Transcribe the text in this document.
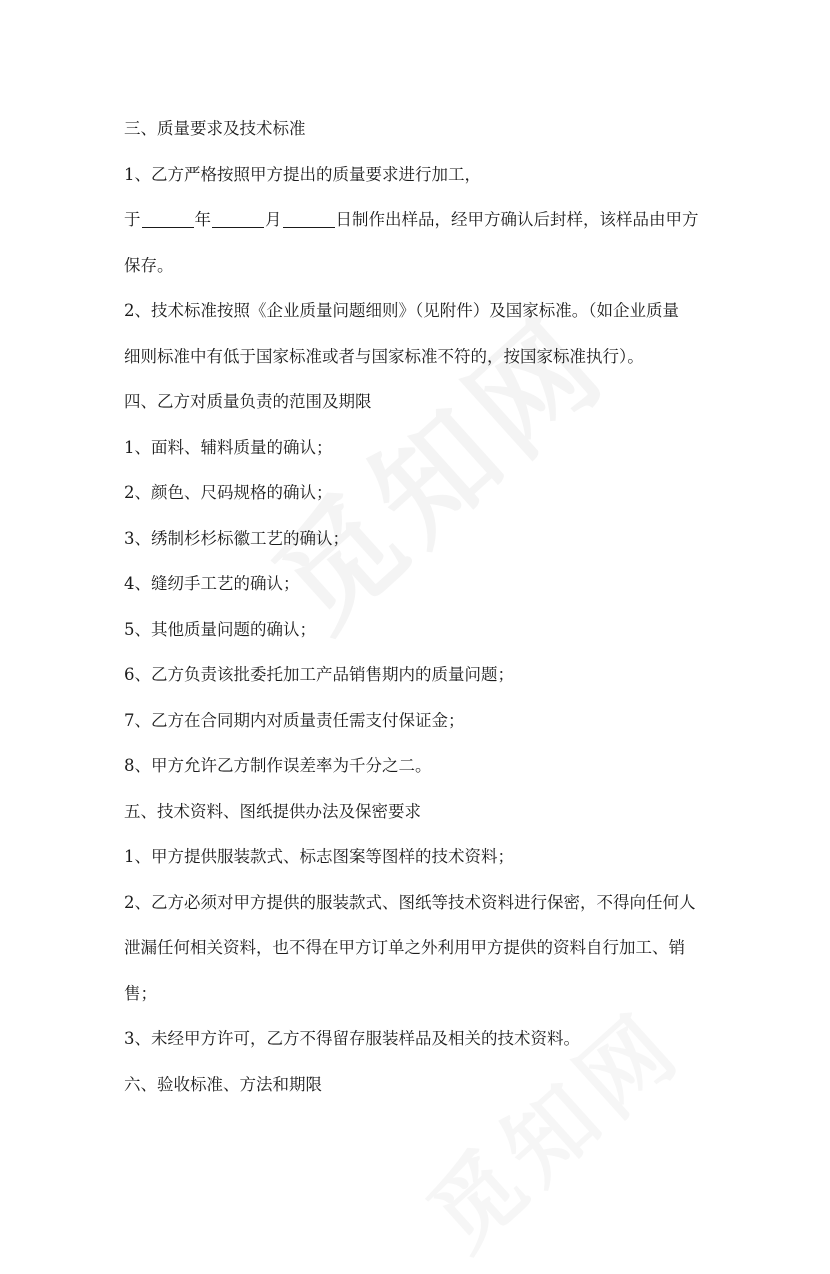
三、质量要求及技术标准
1、乙方严格按照甲方提出的质量要求进行加工，
于	年	月	日制作出样品，经甲方确认后封样，该样品由甲方
保存。
2、技术标准按照《企业质量问题细则》（见附件）及国家标准。（如企业质量
细则标准中有低于国家标准或者与国家标准不符的，按国家标准执行）。
四、乙方对质量负责的范围及期限
1、面料、辅料质量的确认；
2、颜色、尺码规格的确认；
3、绣制杉杉标徽工艺的确认；
4、缝纫手工艺的确认；
5、其他质量问题的确认；
6、乙方负责该批委托加工产品销售期内的质量问题；
7、乙方在合同期内对质量责任需支付保证金；
8、甲方允许乙方制作误差率为千分之二。
五、技术资料、图纸提供办法及保密要求
1、甲方提供服装款式、标志图案等图样的技术资料；
2、乙方必须对甲方提供的服装款式、图纸等技术资料进行保密，不得向任何人
泄漏任何相关资料，也不得在甲方订单之外利用甲方提供的资料自行加工、销
售；
3、未经甲方许可，乙方不得留存服装样品及相关的技术资料。
六、验收标准、方法和期限
